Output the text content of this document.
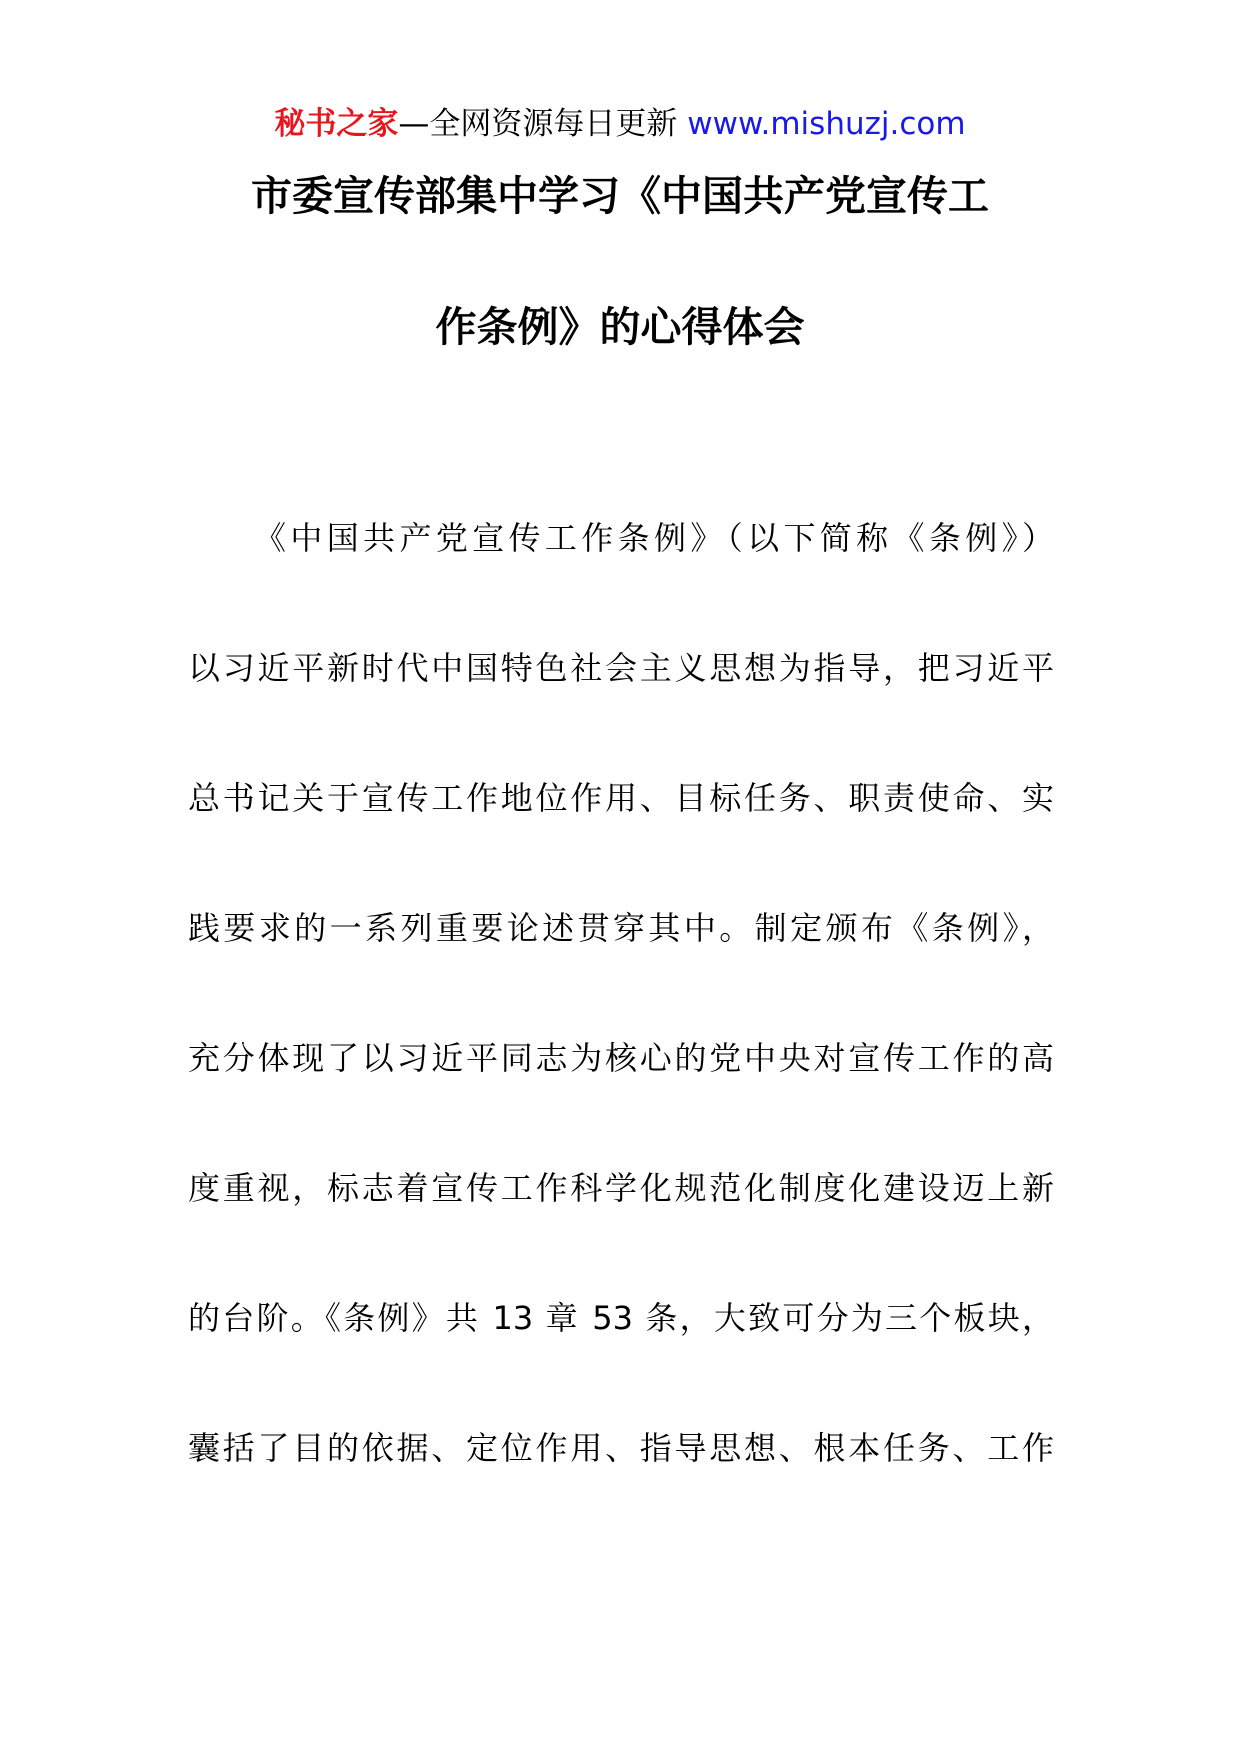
秘书之家—全网资源每日更新 www.mishuzj.com
市委宣传部集中学习《中国共产党宣传工
作条例》的心得体会
《中国共产党宣传工作条例》（以下简称《条例》）
以习近平新时代中国特色社会主义思想为指导，把习近平
总书记关于宣传工作地位作用、目标任务、职责使命、实
践要求的一系列重要论述贯穿其中。制定颁布《条例》，
充分体现了以习近平同志为核心的党中央对宣传工作的高
度重视，标志着宣传工作科学化规范化制度化建设迈上新
的台阶。《条例》共 13 章 53 条，大致可分为三个板块，
囊括了目的依据、定位作用、指导思想、根本任务、工作
